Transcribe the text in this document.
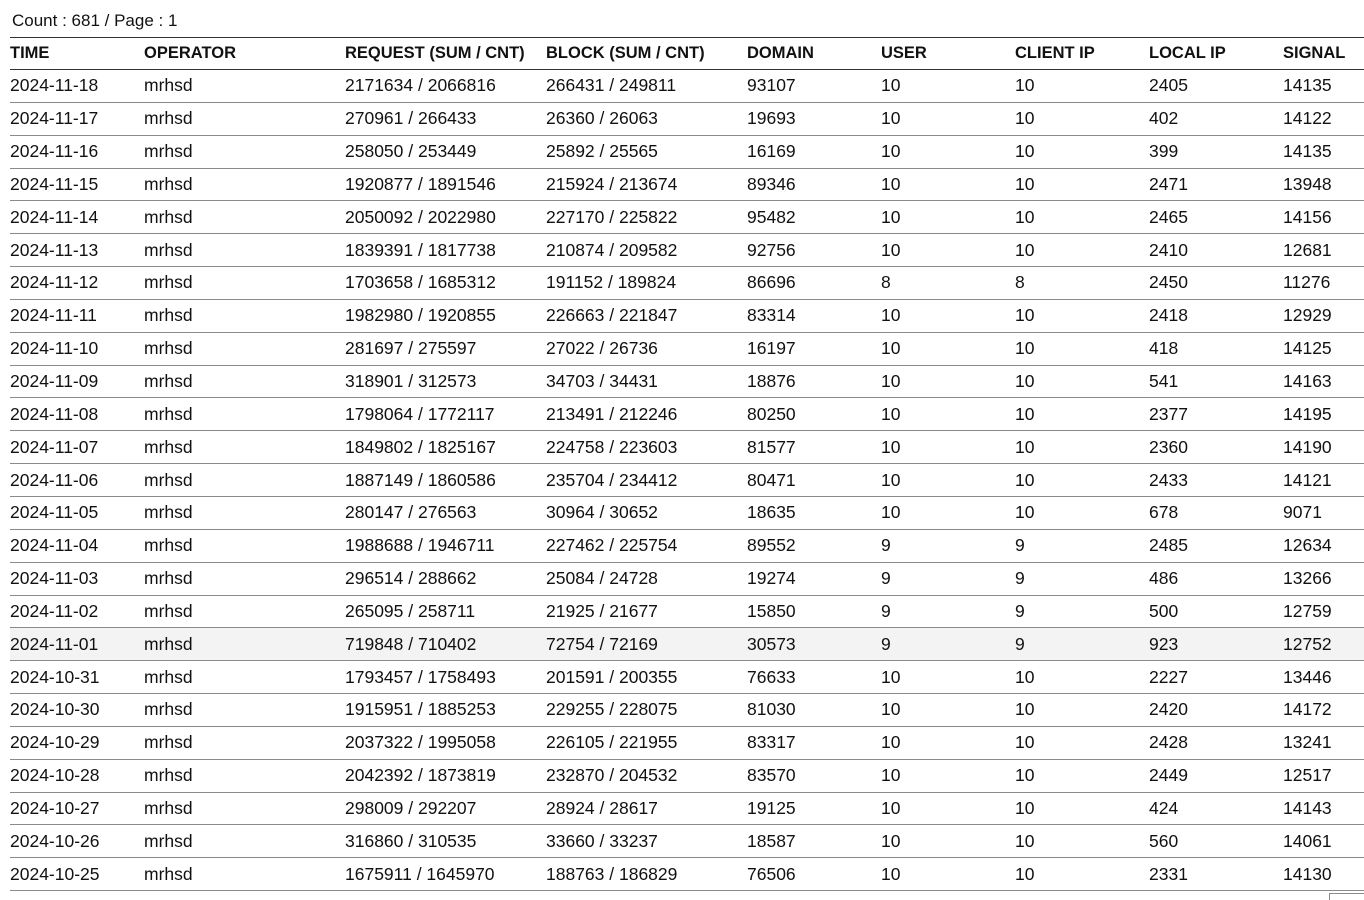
Count : 681 / Page : 1
TIME	OPERATOR	REQUEST (SUM / CNT)	BLOCK (SUM / CNT)	DOMAIN	USER	CLIENT IP	LOCAL IP	SIGNAL
2024-11-18	mrhsd	2171634 / 2066816	266431 / 249811	93107	10	10	2405	14135
2024-11-17	mrhsd	270961 / 266433	26360 / 26063	19693	10	10	402	14122
2024-11-16	mrhsd	258050 / 253449	25892 / 25565	16169	10	10	399	14135
2024-11-15	mrhsd	1920877 / 1891546	215924 / 213674	89346	10	10	2471	13948
2024-11-14	mrhsd	2050092 / 2022980	227170 / 225822	95482	10	10	2465	14156
2024-11-13	mrhsd	1839391 / 1817738	210874 / 209582	92756	10	10	2410	12681
2024-11-12	mrhsd	1703658 / 1685312	191152 / 189824	86696	8	8	2450	11276
2024-11-11	mrhsd	1982980 / 1920855	226663 / 221847	83314	10	10	2418	12929
2024-11-10	mrhsd	281697 / 275597	27022 / 26736	16197	10	10	418	14125
2024-11-09	mrhsd	318901 / 312573	34703 / 34431	18876	10	10	541	14163
2024-11-08	mrhsd	1798064 / 1772117	213491 / 212246	80250	10	10	2377	14195
2024-11-07	mrhsd	1849802 / 1825167	224758 / 223603	81577	10	10	2360	14190
2024-11-06	mrhsd	1887149 / 1860586	235704 / 234412	80471	10	10	2433	14121
2024-11-05	mrhsd	280147 / 276563	30964 / 30652	18635	10	10	678	9071
2024-11-04	mrhsd	1988688 / 1946711	227462 / 225754	89552	9	9	2485	12634
2024-11-03	mrhsd	296514 / 288662	25084 / 24728	19274	9	9	486	13266
2024-11-02	mrhsd	265095 / 258711	21925 / 21677	15850	9	9	500	12759
2024-11-01	mrhsd	719848 / 710402	72754 / 72169	30573	9	9	923	12752
2024-10-31	mrhsd	1793457 / 1758493	201591 / 200355	76633	10	10	2227	13446
2024-10-30	mrhsd	1915951 / 1885253	229255 / 228075	81030	10	10	2420	14172
2024-10-29	mrhsd	2037322 / 1995058	226105 / 221955	83317	10	10	2428	13241
2024-10-28	mrhsd	2042392 / 1873819	232870 / 204532	83570	10	10	2449	12517
2024-10-27	mrhsd	298009 / 292207	28924 / 28617	19125	10	10	424	14143
2024-10-26	mrhsd	316860 / 310535	33660 / 33237	18587	10	10	560	14061
2024-10-25	mrhsd	1675911 / 1645970	188763 / 186829	76506	10	10	2331	14130
